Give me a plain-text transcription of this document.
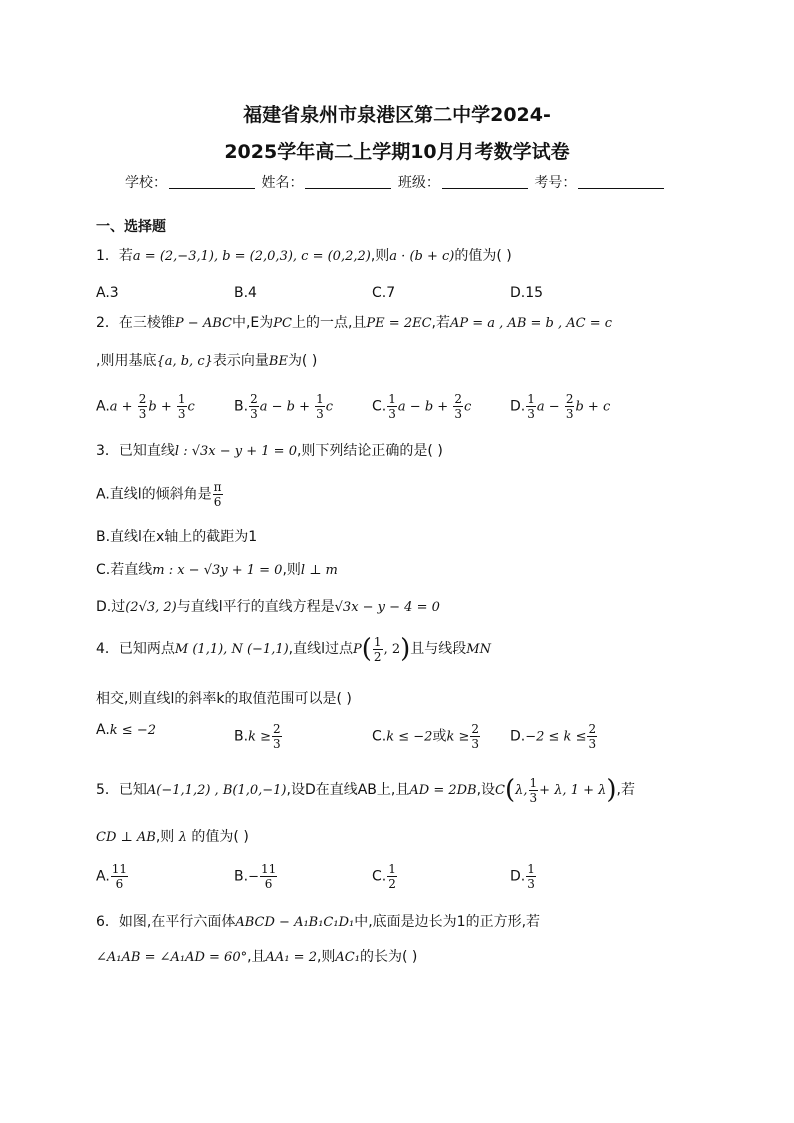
福建省泉州市泉港区第二中学2024-
2025学年高二上学期10月月考数学试卷
学校：	姓名：	班级：	考号：
一、选择题
1．若a = (2,−3,1), b = (2,0,3), c = (0,2,2),则a · (b + c)的值为( )
A.3	B.4	C.7	D.15
2．在三棱锥P − ABC中,E为PC上的一点,且PE = 2EC,若AP = a , AB = b , AC = c
,则用基底{a, b, c}表示向量BE为( )
$A.a + \frac{2}{3}$ $b + \frac{1}{3}$ c	B. $\frac{2}{3}$ $a - b + \frac{1}{3}$ c	C. $\frac{1}{3}$ $a - b + \frac{2}{3}$ c	D. $\frac{1}{3}$ $a - \frac{2}{3}$ b + c
3．已知直线l : √3x − y + 1 = 0,则下列结论正确的是( )
A.直线l的倾斜角是 $\frac{\pi}{6}$
B.直线l在x轴上的截距为1
C.若直线m : x − √3y + 1 = 0,则l ⊥ m
D.过(2√3, 2)与直线l平行的直线方程是√3x − y − 4 = 0
4．已知两点M (1,1), N (−1,1),直线l过点$P( \frac{1}{2}$ , 2)且与线段MN
相交,则直线l的斜率k的取值范围可以是( )
A.k ≤ −2	$B.k \ge \frac{2}{3}$	C.k ≤ −2或$k \ge \frac{2}{3} D.-2 \le k \le \frac{2}{3}$
5．已知A(−1,1,2) , B(1,0,−1),设D在直线AB上,且AD = 2DB,设C(λ, $\frac{1}{3} + \lambda$, 1 + λ),若
CD ⊥ AB,则 λ 的值为( )
A. $\frac{11}{6}$	$B.- \frac{11}{6}$	C. $\frac{1}{2}$	D. $\frac{1}{3}$
6．如图,在平行六面体ABCD − A₁B₁C₁D₁中,底面是边长为1的正方形,若
∠A₁AB = ∠A₁AD = 60°,且AA₁ = 2,则AC₁的长为( )
